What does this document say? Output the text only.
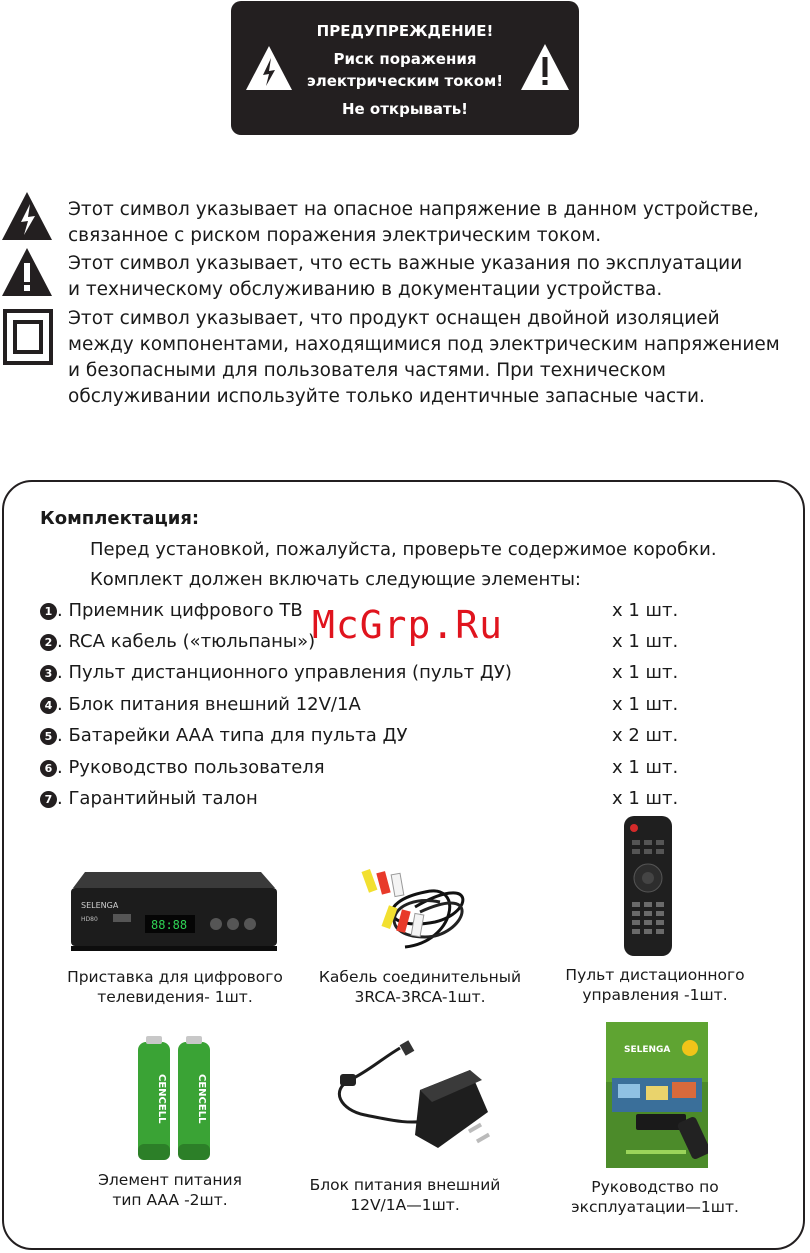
ПРЕДУПРЕЖДЕНИЕ!
Риск поражения
электрическим током!
Не открывать!
Этот символ указывает на опасное напряжение в данном устройстве,
связанное с риском поражения электрическим током.
Этот символ указывает, что есть важные указания по эксплуатации
и техническому обслуживанию в документации устройства.
Этот символ указывает, что продукт оснащен двойной изоляцией
между компонентами, находящимися под электрическим напряжением
и безопасными для пользователя частями. При техническом
обслуживании используйте только идентичные запасные части.
Комплектация:
Перед установкой, пожалуйста, проверьте содержимое коробки.
Комплект должен включать следующие элементы:
1 . Приемник цифрового ТВ	x 1 шт.
2 . RCA кабель («тюльпаны»)	x 1 шт.
3 . Пульт дистанционного управления (пульт ДУ)	x 1 шт.
4 . Блок питания внешний 12V/1A	x 1 шт.
5 . Батарейки AAA типа для пульта ДУ	x 2 шт.
6 . Руководство пользователя	x 1 шт.
7 . Гарантийный талон	x 1 шт.
McGrp.Ru
SELENGA
HD80	88:88
Приставка для цифрового
телевидения- 1шт.
Кабель соединительный
3RCA-3RCA-1шт.
Пульт дистационного
управления -1шт.
CENCELL	CENCELL
Элемент питания
тип AAA -2шт.
Блок питания внешний
12V/1A—1шт.
SELENGA
Руководство по
эксплуатации—1шт.
